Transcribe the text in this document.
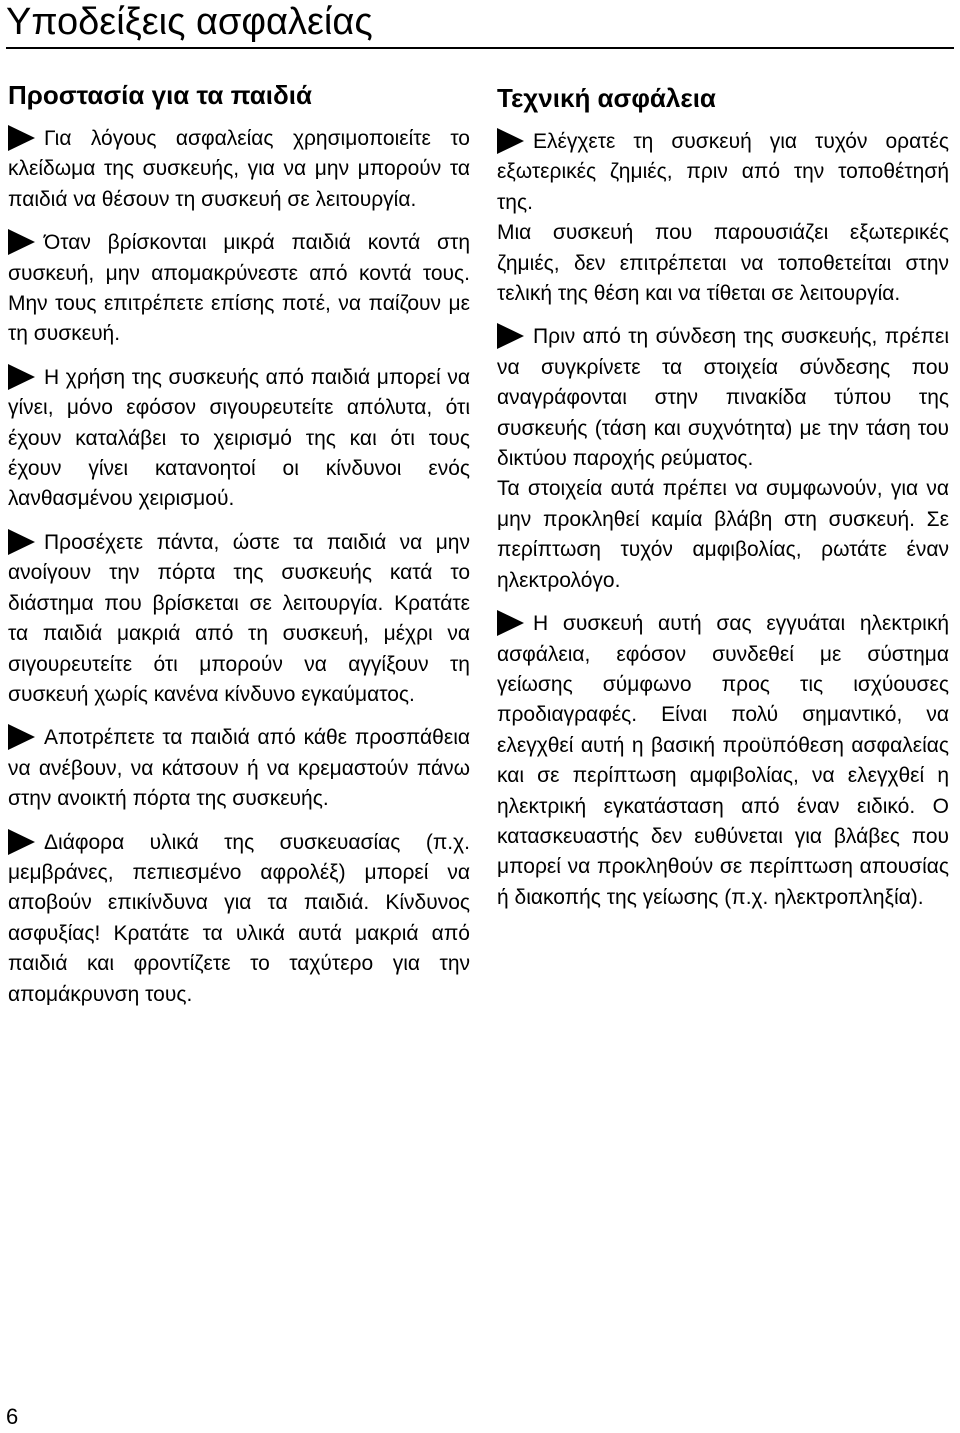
Υποδείξεις ασφαλείας
Προστασία για τα παιδιά

Για λόγους ασφαλείας χρησιμοποιείτε το κλείδωμα της συσκευής, για να μην μπορούν τα παιδιά να θέσουν τη συσκευή σε λειτουργία.

Όταν βρίσκονται μικρά παιδιά κοντά στη συσκευή, μην απομακρύνεστε από κοντά τους. Μην τους επιτρέπετε επίσης ποτέ, να παίζουν με τη συσκευή.

Η χρήση της συσκευής από παιδιά μπορεί να γίνει, μόνο εφόσον σιγουρευτείτε απόλυτα, ότι έχουν καταλάβει το χειρισμό της και ότι τους έχουν γίνει κατανοητοί οι κίνδυνοι ενός λανθασμένου χειρισμού.

Προσέχετε πάντα, ώστε τα παιδιά να μην ανοίγουν την πόρτα της συσκευής κατά το διάστημα που βρίσκεται σε λειτουργία. Κρατάτε τα παιδιά μακριά από τη συσκευή, μέχρι να σιγουρευτείτε ότι μπορούν να αγγίξουν τη συσκευή χωρίς κανένα κίνδυνο εγκαύματος.

Αποτρέπετε τα παιδιά από κάθε προσπάθεια να ανέβουν, να κάτσουν ή να κρεμαστούν πάνω στην ανοικτή πόρτα της συσκευής.

Διάφορα υλικά της συσκευασίας (π.χ. μεμβράνες, πεπιεσμένο αφρολέξ) μπορεί να αποβούν επικίνδυνα για τα παιδιά. Κίνδυνος ασφυξίας! Κρατάτε τα υλικά αυτά μακριά από παιδιά και φροντίζετε το ταχύτερο για την απομάκρυνση τους.

Τεχνική ασφάλεια

Ελέγχετε τη συσκευή για τυχόν ορατές εξωτερικές ζημιές, πριν από την τοποθέτησή της.

Μια συσκευή που παρουσιάζει εξωτερικές ζημιές, δεν επιτρέπεται να τοποθετείται στην τελική της θέση και να τίθεται σε λειτουργία.

Πριν από τη σύνδεση της συσκευής, πρέπει να συγκρίνετε τα στοιχεία σύνδεσης που αναγράφονται στην πινακίδα τύπου της συσκευής (τάση και συχνότητα) με την τάση του δικτύου παροχής ρεύματος.

Τα στοιχεία αυτά πρέπει να συμφωνούν, για να μην προκληθεί καμία βλάβη στη συσκευή. Σε περίπτωση τυχόν αμφιβολίας, ρωτάτε έναν ηλεκτρολόγο.

Η συσκευή αυτή σας εγγυάται ηλεκτρική ασφάλεια, εφόσον συνδεθεί με σύστημα γείωσης σύμφωνο προς τις ισχύουσες προδιαγραφές. Είναι πολύ σημαντικό, να ελεγχθεί αυτή η βασική προϋπόθεση ασφαλείας και σε περίπτωση αμφιβολίας, να ελεγχθεί η ηλεκτρική εγκατάσταση από έναν ειδικό. Ο κατασκευαστής δεν ευθύνεται για βλάβες που μπορεί να προκληθούν σε περίπτωση απουσίας ή διακοπής της γείωσης (π.χ. ηλεκτροπληξία).

6
